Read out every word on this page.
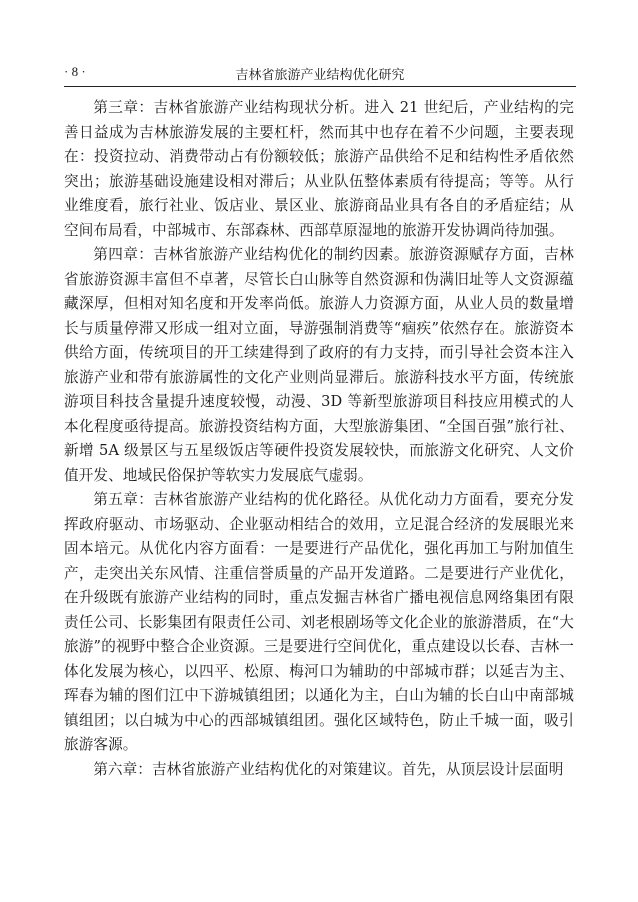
· 8 ·	吉林省旅游产业结构优化研究

第三章：吉林省旅游产业结构现状分析。进入 21 世纪后，产业结构的完善日益成为吉林旅游发展的主要杠杆，然而其中也存在着不少问题，主要表现在：投资拉动、消费带动占有份额较低；旅游产品供给不足和结构性矛盾依然突出；旅游基础设施建设相对滞后；从业队伍整体素质有待提高；等等。从行业维度看，旅行社业、饭店业、景区业、旅游商品业具有各自的矛盾症结；从空间布局看，中部城市、东部森林、西部草原湿地的旅游开发协调尚待加强。

第四章：吉林省旅游产业结构优化的制约因素。旅游资源赋存方面，吉林省旅游资源丰富但不卓著，尽管长白山脉等自然资源和伪满旧址等人文资源蕴藏深厚，但相对知名度和开发率尚低。旅游人力资源方面，从业人员的数量增长与质量停滞又形成一组对立面，导游强制消费等“痼疾”依然存在。旅游资本供给方面，传统项目的开工续建得到了政府的有力支持，而引导社会资本注入旅游产业和带有旅游属性的文化产业则尚显滞后。旅游科技水平方面，传统旅游项目科技含量提升速度较慢，动漫、3D 等新型旅游项目科技应用模式的人本化程度亟待提高。旅游投资结构方面，大型旅游集团、“全国百强”旅行社、新增 5A 级景区与五星级饭店等硬件投资发展较快，而旅游文化研究、人文价值开发、地域民俗保护等软实力发展底气虚弱。

第五章：吉林省旅游产业结构的优化路径。从优化动力方面看，要充分发挥政府驱动、市场驱动、企业驱动相结合的效用，立足混合经济的发展眼光来固本培元。从优化内容方面看：一是要进行产品优化，强化再加工与附加值生产，走突出关东风情、注重信誉质量的产品开发道路。二是要进行产业优化，在升级既有旅游产业结构的同时，重点发掘吉林省广播电视信息网络集团有限责任公司、长影集团有限责任公司、刘老根剧场等文化企业的旅游潜质，在“大旅游”的视野中整合企业资源。三是要进行空间优化，重点建设以长春、吉林一体化发展为核心，以四平、松原、梅河口为辅助的中部城市群；以延吉为主、珲春为辅的图们江中下游城镇组团；以通化为主，白山为辅的长白山中南部城镇组团；以白城为中心的西部城镇组团。强化区域特色，防止千城一面，吸引旅游客源。

第六章：吉林省旅游产业结构优化的对策建议。首先，从顶层设计层面明
